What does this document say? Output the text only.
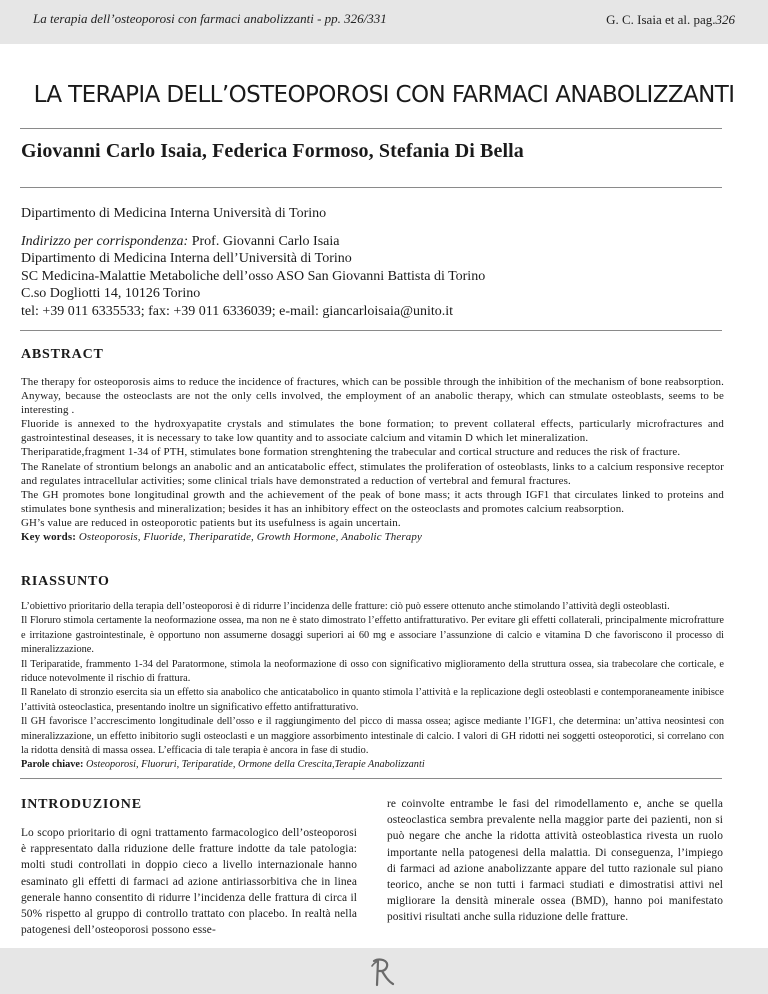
La terapia dell’osteoporosi con farmaci anabolizzanti - pp. 326/331	G. C. Isaia et al. pag.326
LA TERAPIA DELL’OSTEOPOROSI CON FARMACI ANABOLIZZANTI
Giovanni Carlo Isaia, Federica Formoso, Stefania Di Bella
Dipartimento di Medicina Interna Università di Torino
Indirizzo per corrispondenza: Prof. Giovanni Carlo Isaia
Dipartimento di Medicina Interna dell’Università di Torino
SC Medicina-Malattie Metaboliche dell’osso ASO San Giovanni Battista di Torino
C.so Dogliotti 14, 10126 Torino
tel: +39 011 6335533; fax: +39 011 6336039; e-mail: giancarloisaia@unito.it
ABSTRACT

The therapy for osteoporosis aims to reduce the incidence of fractures, which can be possible through the inhibition of the mechanism of bone reabsorption. Anyway, because the osteoclasts are not the only cells involved, the employment of an anabolic therapy, which can stmulate osteoblasts, seems to be interesting .

Fluoride is annexed to the hydroxyapatite crystals and stimulates the bone formation; to prevent collateral effects, particularly microfractures and gastrointestinal deseases, it is necessary to take low quantity and to associate calcium and vitamin D which let mineralization.

Theriparatide,fragment 1-34 of PTH, stimulates bone formation strenghtening the trabecular and cortical structure and reduces the risk of fracture.

The Ranelate of strontium belongs an anabolic and an anticatabolic effect, stimulates the proliferation of osteoblasts, links to a calcium responsive receptor and regulates intracellular activities; some clinical trials have demonstrated a reduction of vertebral and femural fractures.

The GH promotes bone longitudinal growth and the achievement of the peak of bone mass; it acts through IGF1 that circulates linked to proteins and stimulates bone synthesis and mineralization; besides it has an inhibitory effect on the osteoclasts and promotes calcium reabsorption.

GH’s value are reduced in osteoporotic patients but its usefulness is again uncertain.

Key words: Osteoporosis, Fluoride, Theriparatide, Growth Hormone, Anabolic Therapy

RIASSUNTO

L’obiettivo prioritario della terapia dell’osteoporosi è di ridurre l’incidenza delle fratture: ciò può essere ottenuto anche stimolando l’attività degli osteoblasti.

Il Floruro stimola certamente la neoformazione ossea, ma non ne è stato dimostrato l’effetto antifratturativo. Per evitare gli effetti collaterali, principalmente microfratture e irritazione gastrointestinale, è opportuno non assumerne dosaggi superiori ai 60 mg e associare l’assunzione di calcio e vitamina D che favoriscono il processo di mineralizzazione.

Il Teriparatide, frammento 1-34 del Paratormone, stimola la neoformazione di osso con significativo miglioramento della struttura ossea, sia trabecolare che corticale, e riduce notevolmente il rischio di frattura.

Il Ranelato di stronzio esercita sia un effetto sia anabolico che anticatabolico in quanto stimola l’attività e la replicazione degli osteoblasti e contemporaneamente inibisce l’attività osteoclastica, presentando inoltre un significativo effetto antifratturativo.

Il GH favorisce l’accrescimento longitudinale dell’osso e il raggiungimento del picco di massa ossea; agisce mediante l’IGF1, che determina: un’attiva neosintesi con mineralizzazione, un effetto inibitorio sugli osteoclasti e un maggiore assorbimento intestinale di calcio. I valori di GH ridotti nei soggetti osteoporotici, si correlano con la ridotta densità di massa ossea. L’efficacia di tale terapia è ancora in fase di studio.

Parole chiave: Osteoporosi, Fluoruri, Teriparatide, Ormone della Crescita,Terapie Anabolizzanti

INTRODUZIONE
Lo scopo prioritario di ogni trattamento farmacologico dell’osteoporosi è rappresentato dalla riduzione delle fratture indotte da tale patologia: molti studi controllati in doppio cieco a livello internazionale hanno esaminato gli effetti di farmaci ad azione antiriassorbitiva che in linea generale hanno consentito di ridurre l’incidenza delle frattura di circa il 50% rispetto al gruppo di controllo trattato con placebo. In realtà nella patogenesi dell’osteoporosi possono esse-
re coinvolte entrambe le fasi del rimodellamento e, anche se quella osteoclastica sembra prevalente nella maggior parte dei pazienti, non si può negare che anche la ridotta attività osteoblastica rivesta un ruolo importante nella patogenesi della malattia. Di conseguenza, l’impiego di farmaci ad azione anabolizzante appare del tutto razionale sul piano teorico, anche se non tutti i farmaci studiati e dimostratisi attivi nel migliorare la densità minerale ossea (BMD), hanno poi manifestato positivi risultati anche sulla riduzione delle fratture.
